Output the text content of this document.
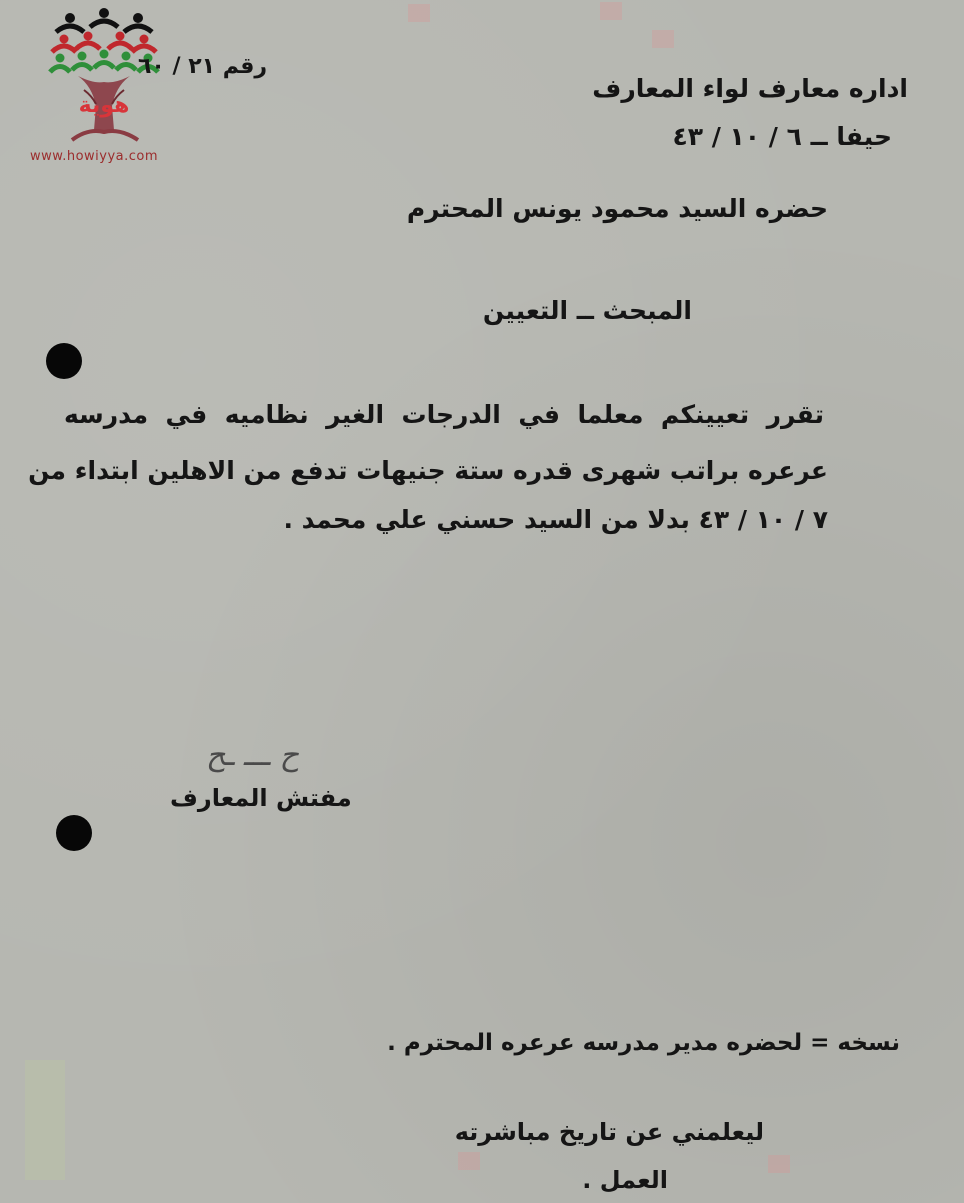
هوية
www.howiyya.com
رقم ٢١ / ٦٠
اداره معارف لواء المعارف
حيفا ــ ٦ / ١٠ / ٤٣
حضره السيد محمود يونس المحترم
المبحث ــ التعيين
تقرر تعيينكم معلما في الدرجات الغير نظاميه في مدرسه
عرعره براتب شهرى قدره ستة جنيهات تدفع من الاهلين ابتداء من
٧ / ١٠ / ٤٣ بدلا من السيد حسني علي محمد .
ح ـــ ـح
مفتش المعارف
نسخه = لحضره مدير مدرسه عرعره المحترم .
ليعلمني عن تاريخ مباشرته
العمل .
